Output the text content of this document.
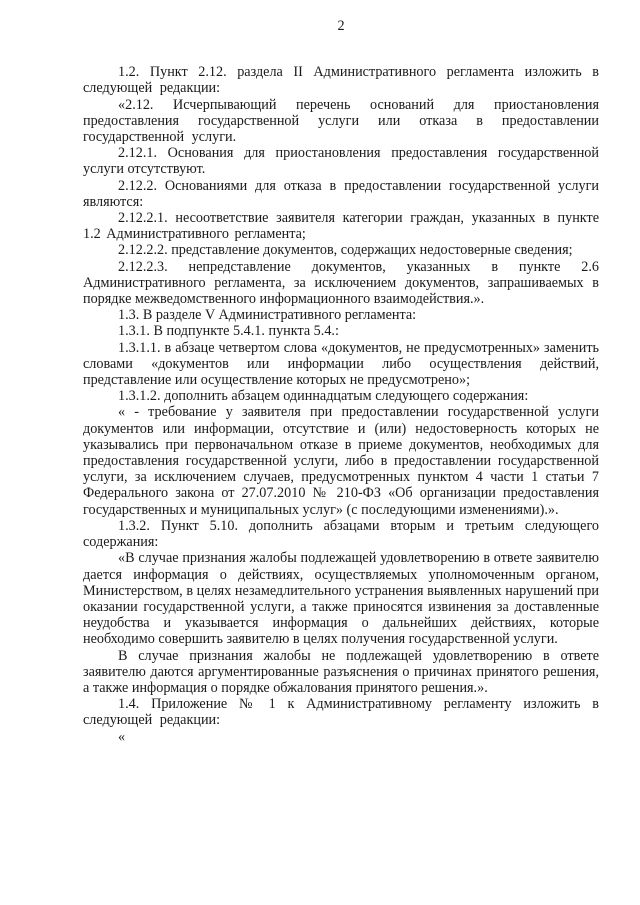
2

1.2. Пункт 2.12. раздела II Административного регламента изложить в следующей редакции:

«2.12. Исчерпывающий перечень оснований для приостановления предоставления государственной услуги или отказа в предоставлении государственной услуги.

2.12.1. Основания для приостановления предоставления государственной услуги отсутствуют.

2.12.2. Основаниями для отказа в предоставлении государственной услуги являются:

2.12.2.1. несоответствие заявителя категории граждан, указанных в пункте 1.2 Административного регламента;

2.12.2.2. представление документов, содержащих недостоверные сведения;

2.12.2.3. непредставление документов, указанных в пункте 2.6 Административного регламента, за исключением документов, запрашиваемых в порядке межведомственного информационного взаимодействия.».

1.3. В разделе V Административного регламента:

1.3.1. В подпункте 5.4.1. пункта 5.4.:

1.3.1.1. в абзаце четвертом слова «документов, не предусмотренных» заменить словами «документов или информации либо осуществления действий, представление или осуществление которых не предусмотрено»;

1.3.1.2. дополнить абзацем одиннадцатым следующего содержания:

« - требование у заявителя при предоставлении государственной услуги документов или информации, отсутствие и (или) недостоверность которых не указывались при первоначальном отказе в приеме документов, необходимых для предоставления государственной услуги, либо в предоставлении государственной услуги, за исключением случаев, предусмотренных пунктом 4 части 1 статьи 7 Федерального закона от 27.07.2010 № 210-ФЗ «Об организации предоставления государственных и муниципальных услуг» (с последующими изменениями).».

1.3.2. Пункт 5.10. дополнить абзацами вторым и третьим следующего содержания:

«В случае признания жалобы подлежащей удовлетворению в ответе заявителю дается информация о действиях, осуществляемых уполномоченным органом, Министерством, в целях незамедлительного устранения выявленных нарушений при оказании государственной услуги, а также приносятся извинения за доставленные неудобства и указывается информация о дальнейших действиях, которые необходимо совершить заявителю в целях получения государственной услуги.

В случае признания жалобы не подлежащей удовлетворению в ответе заявителю даются аргументированные разъяснения о причинах принятого решения, а также информация о порядке обжалования принятого решения.».

1.4. Приложение № 1 к Административному регламенту изложить в следующей редакции:

«
